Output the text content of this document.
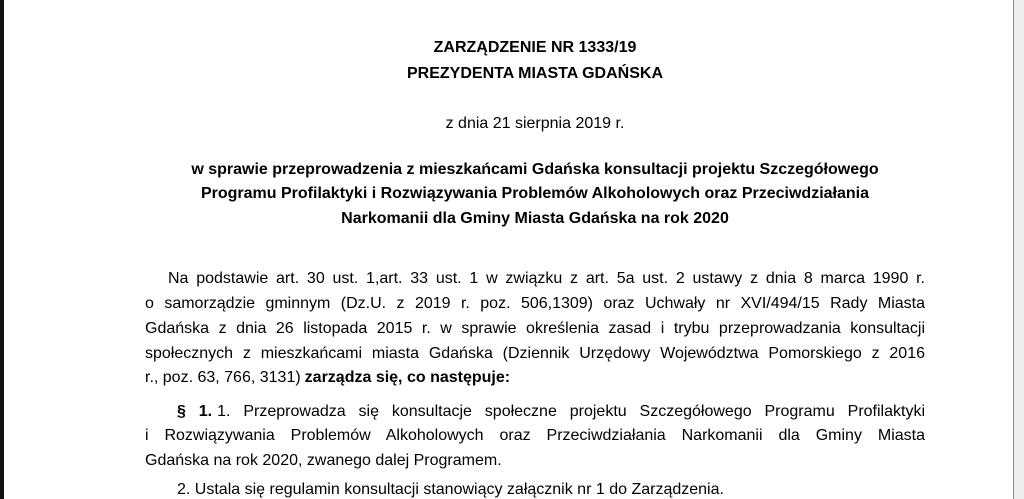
ZARZĄDZENIE NR 1333/19
PREZYDENTA MIASTA GDAŃSKA
z dnia 21 sierpnia 2019 r.
w sprawie przeprowadzenia z mieszkańcami Gdańska konsultacji projektu Szczegółowego
Programu Profilaktyki i Rozwiązywania Problemów Alkoholowych oraz Przeciwdziałania
Narkomanii dla Gminy Miasta Gdańska na rok 2020
Na podstawie art. 30 ust. 1,art. 33 ust. 1 w związku z art. 5a ust. 2 ustawy z dnia 8 marca 1990 r.
o samorządzie gminnym (Dz.U. z 2019 r. poz. 506,1309) oraz Uchwały nr XVI/494/15 Rady Miasta
Gdańska z dnia 26 listopada 2015 r. w sprawie określenia zasad i trybu przeprowadzania konsultacji
społecznych z mieszkańcami miasta Gdańska (Dziennik Urzędowy Województwa Pomorskiego z 2016
r., poz. 63, 766, 3131) zarządza się, co następuje:
§ 1. 1. Przeprowadza się konsultacje społeczne projektu Szczegółowego Programu Profilaktyki
i Rozwiązywania Problemów Alkoholowych oraz Przeciwdziałania Narkomanii dla Gminy Miasta
Gdańska na rok 2020, zwanego dalej Programem.
2. Ustala się regulamin konsultacji stanowiący załącznik nr 1 do Zarządzenia.
